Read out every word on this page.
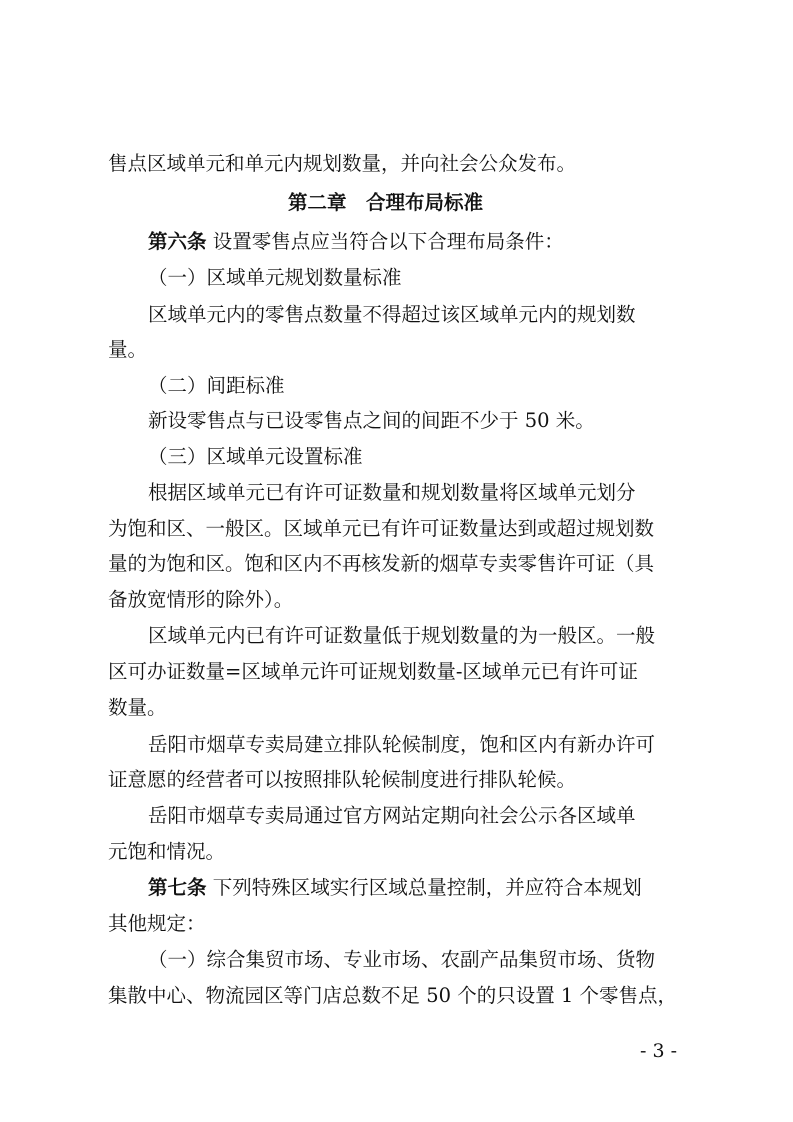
售点区域单元和单元内规划数量，并向社会公众发布。
第二章　合理布局标准
第六条 设置零售点应当符合以下合理布局条件：
（一）区域单元规划数量标准
区域单元内的零售点数量不得超过该区域单元内的规划数
量。
（二）间距标准
新设零售点与已设零售点之间的间距不少于 50 米。
（三）区域单元设置标准
根据区域单元已有许可证数量和规划数量将区域单元划分
为饱和区、一般区。区域单元已有许可证数量达到或超过规划数
量的为饱和区。饱和区内不再核发新的烟草专卖零售许可证（具
备放宽情形的除外）。
区域单元内已有许可证数量低于规划数量的为一般区。一般
区可办证数量=区域单元许可证规划数量-区域单元已有许可证
数量。
岳阳市烟草专卖局建立排队轮候制度，饱和区内有新办许可
证意愿的经营者可以按照排队轮候制度进行排队轮候。
岳阳市烟草专卖局通过官方网站定期向社会公示各区域单
元饱和情况。
第七条 下列特殊区域实行区域总量控制，并应符合本规划
其他规定：
（一）综合集贸市场、专业市场、农副产品集贸市场、货物
集散中心、物流园区等门店总数不足 50 个的只设置 1 个零售点，
- 3 -
